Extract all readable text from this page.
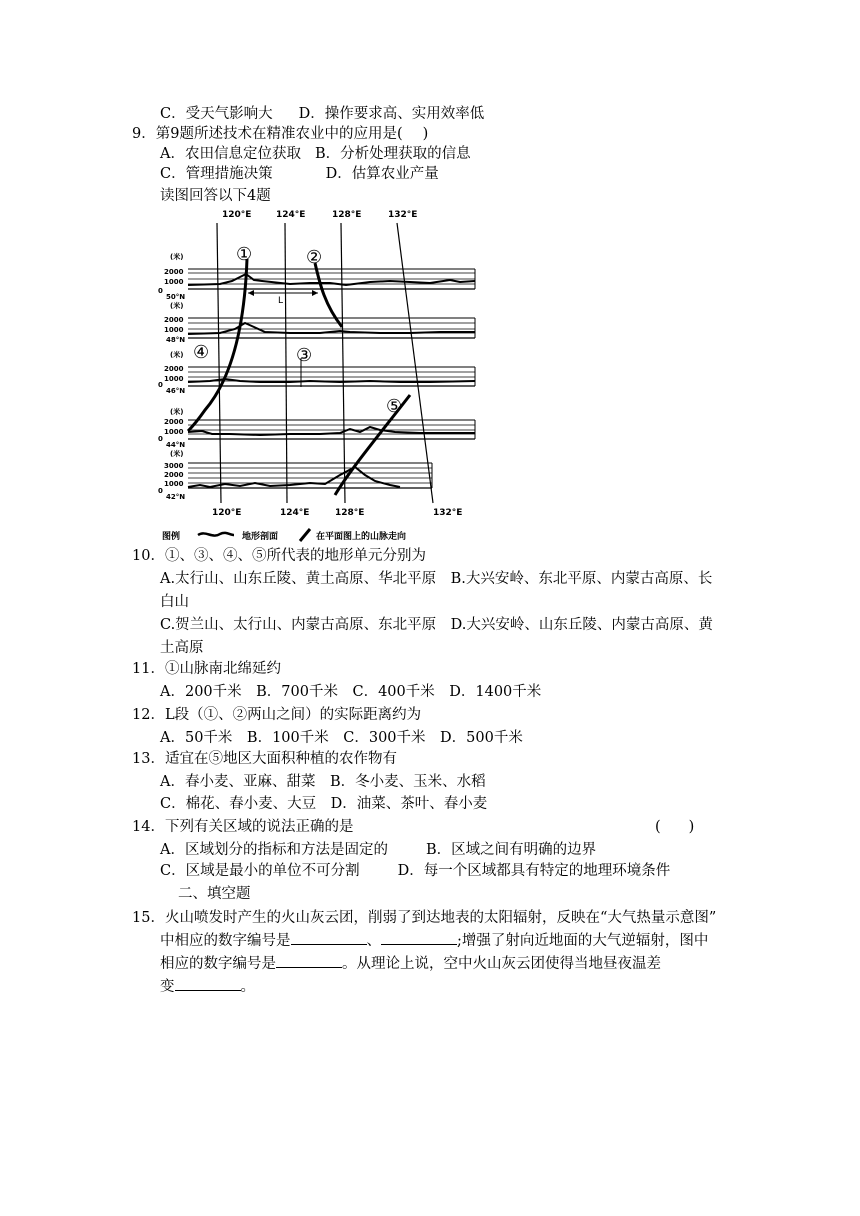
C．受天气影响大 D．操作要求高、实用效率低
9．第9题所述技术在精准农业中的应用是( )
A．农田信息定位获取 B．分析处理获取的信息
C．管理措施决策	D．估算农业产量
读图回答以下4题
120°E	124°E	128°E	132°E
(米)
2000
1000
0
50°N
(米)
2000
1000
48°N
(米)
2000
1000
0
46°N
(米)
2000
1000
0
44°N
(米)
3000
2000
1000
0
42°N
L
①	②
③
④
⑤
120°E	124°E	128°E	132°E
图例	地形剖面	在平面图上的山脉走向
10．①、③、④、⑤所代表的地形单元分别为
A.太行山、山东丘陵、黄土高原、华北平原　B.大兴安岭、东北平原、内蒙古高原、长
白山
C.贺兰山、太行山、内蒙古高原、东北平原　D.大兴安岭、山东丘陵、内蒙古高原、黄
土高原
11．①山脉南北绵延约
A．200千米　B．700千米　C．400千米　D．1400千米
12．L段（①、②两山之间）的实际距离约为
A．50千米　B．100千米　C．300千米　D．500千米
13．适宜在⑤地区大面积种植的农作物有
A．春小麦、亚麻、甜菜　B．冬小麦、玉米、水稻
C．棉花、春小麦、大豆　D．油菜、茶叶、春小麦
14．下列有关区域的说法正确的是	( )
A．区域划分的指标和方法是固定的	B．区域之间有明确的边界
C．区域是最小的单位不可分割	D．每一个区域都具有特定的地理环境条件
二、填空题
15．火山喷发时产生的火山灰云团，削弱了到达地表的太阳辐射，反映在“大气热量示意图”
中相应的数字编号是	、	;增强了射向近地面的大气逆辐射，图中
相应的数字编号是	。从理论上说，空中火山灰云团使得当地昼夜温差
变	。
